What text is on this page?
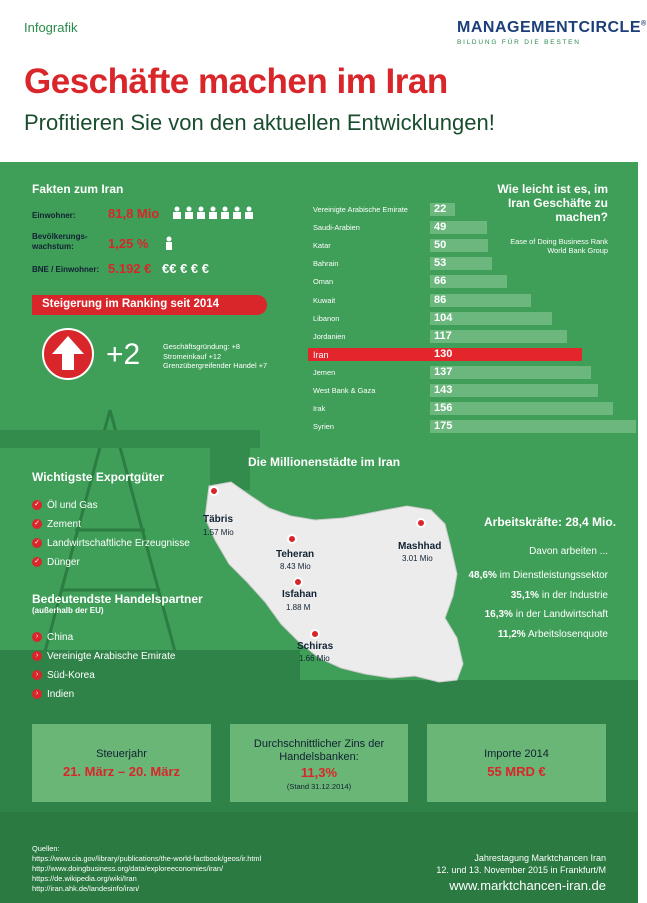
Infografik	MANAGEMENTCIRCLE®
B I L D U N G   F Ü R   D I E   B E S T E N
Geschäfte machen im Iran
Profitieren Sie von den aktuellen Entwicklungen!
Fakten zum Iran
Einwohner: 81,8 Mio
Bevölkerungs-
wachstum:	1,25 %
BNE / Einwohner: 5.192 € €€ € € €
Steigerung im Ranking seit 2014
+2	Geschäftsgründung: +8
Stromeinkauf +12
Grenzübergreifender Handel +7
Wie leicht ist es, im
Iran Geschäfte zu
machen?
Ease of Doing Business Rank
World Bank Group
Vereinigte Arabische Emirate 22
Saudi-Arabien	49
Katar	50
Bahrain	53
Oman	66
Kuwait	86
Libanon	104
Jordanien	117
Iran	130
Jemen	137
West Bank & Gaza	143
Irak	156
Syrien	175
Wichtigste Exportgüter
✓ Öl und Gas
✓ Zement
✓ Landwirtschaftliche Erzeugnisse
✓ Dünger
Bedeutendste Handelspartner
(außerhalb der EU)
› China
› Vereinigte Arabische Emirate
› Süd-Korea
› Indien
Die Millionenstädte im Iran
Täbris
1.57 Mio
Teheran
8.43 Mio
Mashhad
3.01 Mio
Isfahan
1.88 M
Schiras
1.66 Mio
Arbeitskräfte: 28,4 Mio.
Davon arbeiten ...
48,6% im Dienstleistungssektor
35,1% in der Industrie
16,3% in der Landwirtschaft
11,2% Arbeitslosenquote
Steuerjahr
21. März – 20. März
Durchschnittlicher Zins der
Handelsbanken:
11,3%
(Stand 31.12.2014)
Importe 2014
55 MRD €
Quellen:
https://www.cia.gov/library/publications/the-world-factbook/geos/ir.html
http://www.doingbusiness.org/data/exploreeconomies/iran/
https://de.wikipedia.org/wiki/Iran
http://iran.ahk.de/landesinfo/iran/
Jahrestagung Marktchancen Iran
12. und 13. November 2015 in Frankfurt/M
www.marktchancen-iran.de
